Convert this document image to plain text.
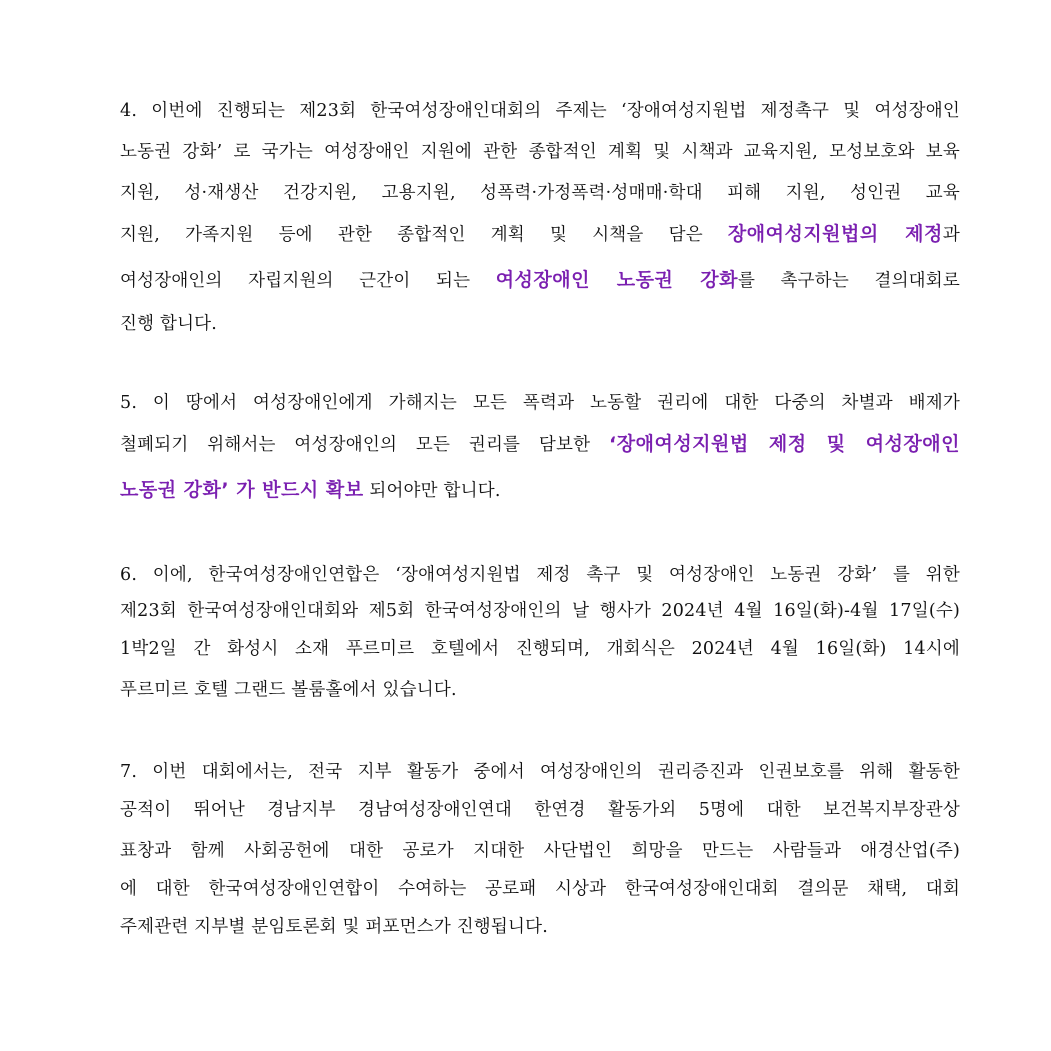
4. 이번에 진행되는 제23회 한국여성장애인대회의 주제는 ‘장애여성지원법 제정촉구 및 여성장애인
노동권 강화’ 로 국가는 여성장애인 지원에 관한 종합적인 계획 및 시책과 교육지원, 모성보호와 보육
지원, 성·재생산 건강지원, 고용지원, 성폭력·가정폭력·성매매·학대 피해 지원, 성인권 교육
지원, 가족지원 등에 관한 종합적인 계획 및 시책을 담은 장애여성지원법의 제정과
여성장애인의 자립지원의 근간이 되는 여성장애인 노동권 강화를 촉구하는 결의대회로
진행 합니다.
5. 이 땅에서 여성장애인에게 가해지는 모든 폭력과 노동할 권리에 대한 다중의 차별과 배제가
철폐되기 위해서는 여성장애인의 모든 권리를 담보한 ‘장애여성지원법 제정 및 여성장애인
노동권 강화’ 가 반드시 확보 되어야만 합니다.
6. 이에, 한국여성장애인연합은 ‘장애여성지원법 제정 촉구 및 여성장애인 노동권 강화’ 를 위한
제23회 한국여성장애인대회와 제5회 한국여성장애인의 날 행사가 2024년 4월 16일(화)-4월 17일(수)
1박2일 간 화성시 소재 푸르미르 호텔에서 진행되며, 개회식은 2024년 4월 16일(화) 14시에
푸르미르 호텔 그랜드 볼룸홀에서 있습니다.
7. 이번 대회에서는, 전국 지부 활동가 중에서 여성장애인의 권리증진과 인권보호를 위해 활동한
공적이 뛰어난 경남지부 경남여성장애인연대 한연경 활동가외 5명에 대한 보건복지부장관상
표창과 함께 사회공헌에 대한 공로가 지대한 사단법인 희망을 만드는 사람들과 애경산업(주)
에 대한 한국여성장애인연합이 수여하는 공로패 시상과 한국여성장애인대회 결의문 채택, 대회
주제관련 지부별 분임토론회 및 퍼포먼스가 진행됩니다.
